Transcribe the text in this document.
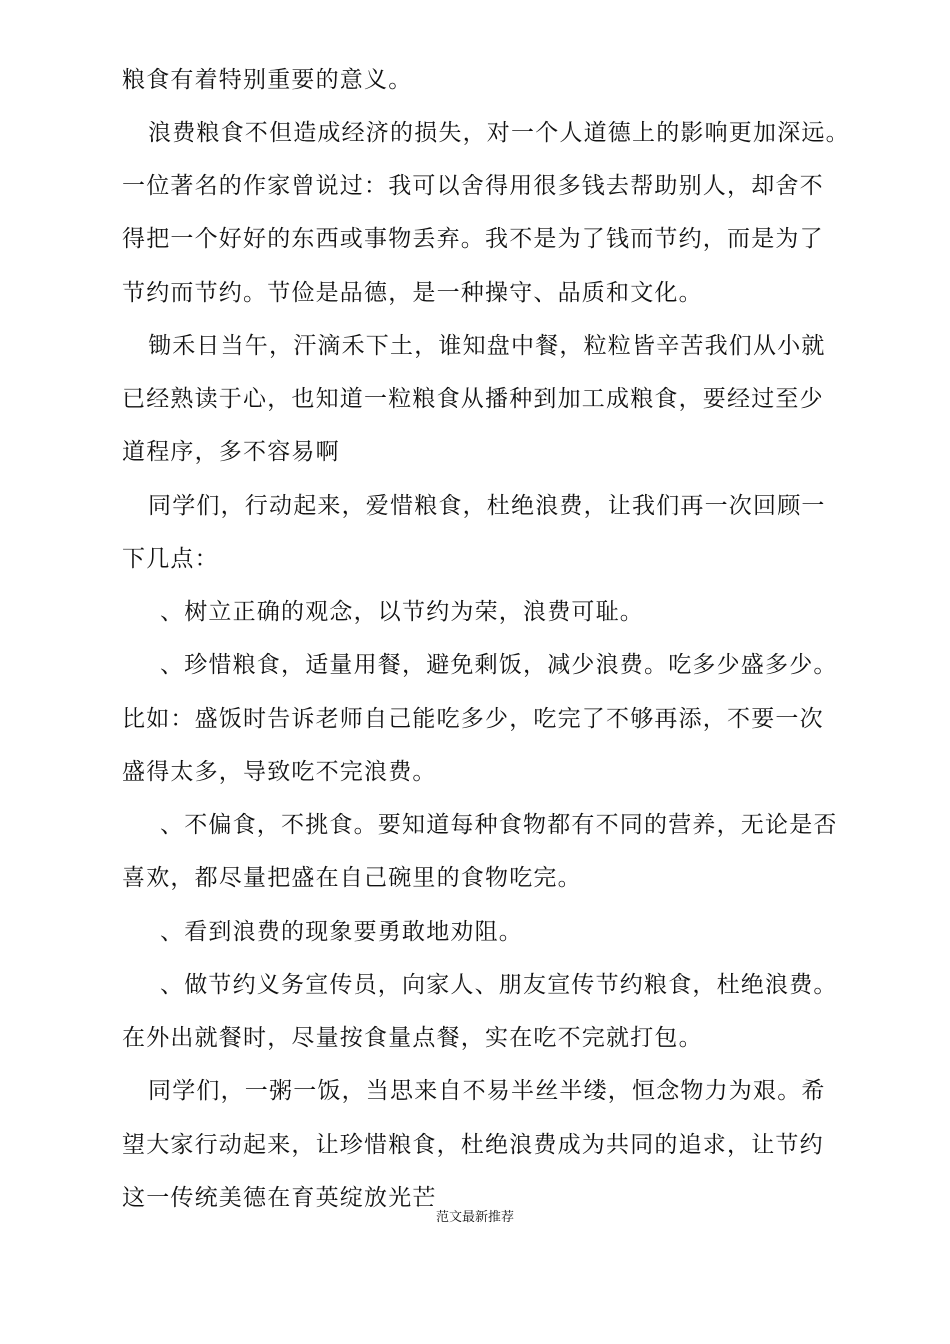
粮食有着特别重要的意义。
浪费粮食不但造成经济的损失，对一个人道德上的影响更加深远。
一位著名的作家曾说过：我可以舍得用很多钱去帮助别人，却舍不
得把一个好好的东西或事物丢弃。我不是为了钱而节约，而是为了
节约而节约。节俭是品德，是一种操守、品质和文化。
锄禾日当午，汗滴禾下土，谁知盘中餐，粒粒皆辛苦我们从小就
已经熟读于心，也知道一粒粮食从播种到加工成粮食，要经过至少
道程序，多不容易啊
同学们，行动起来，爱惜粮食，杜绝浪费，让我们再一次回顾一
下几点：
、树立正确的观念，以节约为荣，浪费可耻。
、珍惜粮食，适量用餐，避免剩饭，减少浪费。吃多少盛多少。
比如：盛饭时告诉老师自己能吃多少，吃完了不够再添，不要一次
盛得太多，导致吃不完浪费。
、不偏食，不挑食。要知道每种食物都有不同的营养，无论是否
喜欢，都尽量把盛在自己碗里的食物吃完。
、看到浪费的现象要勇敢地劝阻。
、做节约义务宣传员，向家人、朋友宣传节约粮食，杜绝浪费。
在外出就餐时，尽量按食量点餐，实在吃不完就打包。
同学们，一粥一饭，当思来自不易半丝半缕，恒念物力为艰。希
望大家行动起来，让珍惜粮食，杜绝浪费成为共同的追求，让节约
这一传统美德在育英绽放光芒
范文最新推荐
